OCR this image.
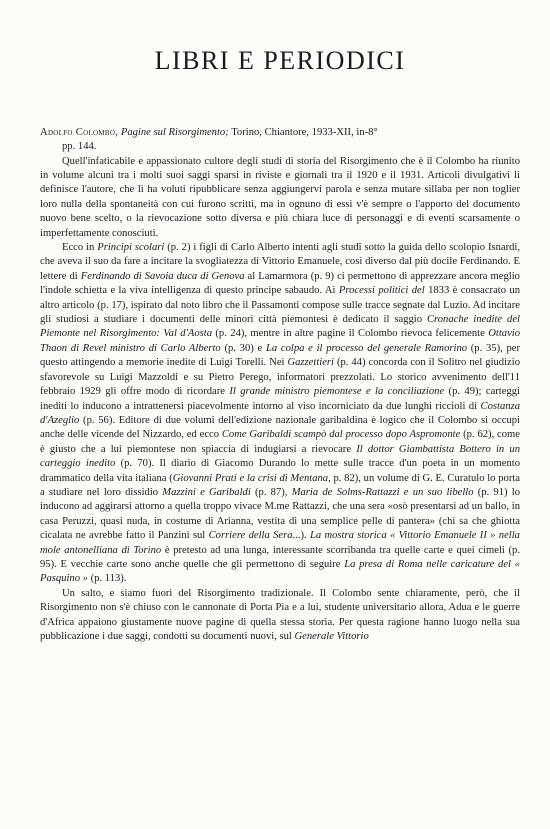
LIBRI E PERIODICI

Adolfo Colombo, Pagine sul Risorgimento; Torino, Chiantore, 1933-XII, in-8°
pp. 144.

Quell'infaticabile e appassionato cultore degli studi di storia del Risorgimento che è il Colombo ha riunito in volume alcuni tra i molti suoi saggi sparsi in riviste e giornali tra il 1920 e il 1931. Articoli divulgativi li definisce l'autore, che li ha voluti ripubblicare senza aggiungervi parola e senza mutare sillaba per non toglier loro nulla della spontaneità con cui furono scritti, ma in ognuno di essi v'è sempre o l'apporto del documento nuovo bene scelto, o la rievocazione sotto diversa e più chiara luce di personaggi e di eventi scarsamente o imperfettamente conosciuti.

Ecco in Principi scolari (p. 2) i figli di Carlo Alberto intenti agli studî sotto la guida dello scolopio Isnardi, che aveva il suo da fare a incitare la svogliatezza di Vittorio Emanuele, così diverso dal più docile Ferdinando. E lettere di Ferdinando di Savoia duca di Genova al Lamarmora (p. 9) ci permettono di apprezzare ancora meglio l'indole schietta e la viva intelligenza di questo principe sabaudo. Ai Processi politici del 1833 è consacrato un altro articolo (p. 17), ispirato dal noto libro che il Passamonti compose sulle tracce segnate dal Luzio. Ad incitare gli studiosi a studiare i documenti delle minori città piemontesi è dedicato il saggio Cronache inedite del Piemonte nel Risorgimento: Val d'Aosta (p. 24), mentre in altre pagine il Colombo rievoca felicemente Ottavio Thaon di Revel ministro di Carlo Alberto (p. 30) e La colpa e il processo del generale Ramorino (p. 35), per questo attingendo a memorie inedite di Luigi Torelli. Nei Gazzettieri (p. 44) concorda con il Solitro nel giudizio sfavorevole su Luigi Mazzoldi e su Pietro Perego, informatori prezzolati. Lo storico avvenimento dell'11 febbraio 1929 gli offre modo di ricordare Il grande ministro piemontese e la conciliazione (p. 49); carteggi inediti lo inducono a intrattenersi piacevolmente intorno al viso incorniciato da due lunghi riccioli di Costanza d'Azeglio (p. 56). Editore di due volumi dell'edizione nazionale garibaldina è logico che il Colombo si occupi anche delle vicende del Nizzardo, ed ecco Come Garibaldi scampò dal processo dopo Aspromonte (p. 62), come è giusto che a lui piemontese non spiaccia di indugiarsi a rievocare Il dottor Giambattista Bottero in un carteggio inedito (p. 70). Il diario di Giacomo Durando lo mette sulle tracce d'un poeta in un momento drammatico della vita italiana (Giovanni Prati e la crisi di Mentana, p. 82), un volume di G. E. Curatulo lo porta a studiare nel loro dissidio Mazzini e Garibaldi (p. 87), Maria de Solms-Rattazzi e un suo libello (p. 91) lo inducono ad aggirarsi attorno a quella troppo vivace M.me Rattazzi, che una sera «osò presentarsi ad un ballo, in casa Peruzzi, quasi nuda, in costume di Arianna, vestita di una semplice pelle di pantera» (chi sa che ghiotta cicalata ne avrebbe fatto il Panzini sul Corriere della Sera...). La mostra storica « Vittorio Emanuele II » nella mole antonelliana di Torino è pretesto ad una lunga, interessante scorribanda tra quelle carte e quei cimeli (p. 95). E vecchie carte sono anche quelle che gli permettono di seguire La presa di Roma nelle caricature del « Pasquino » (p. 113).

Un salto, e siamo fuori del Risorgimento tradizionale. Il Colombo sente chiaramente, però, che il Risorgimento non s'è chiuso con le cannonate di Porta Pia e a lui, studente universitario allora, Adua e le guerre d'Africa appaiono giustamente nuove pagine di quella stessa storia. Per questa ragione hanno luogo nella sua pubblicazione i due saggi, condotti su documenti nuovi, sul Generale Vittorio
